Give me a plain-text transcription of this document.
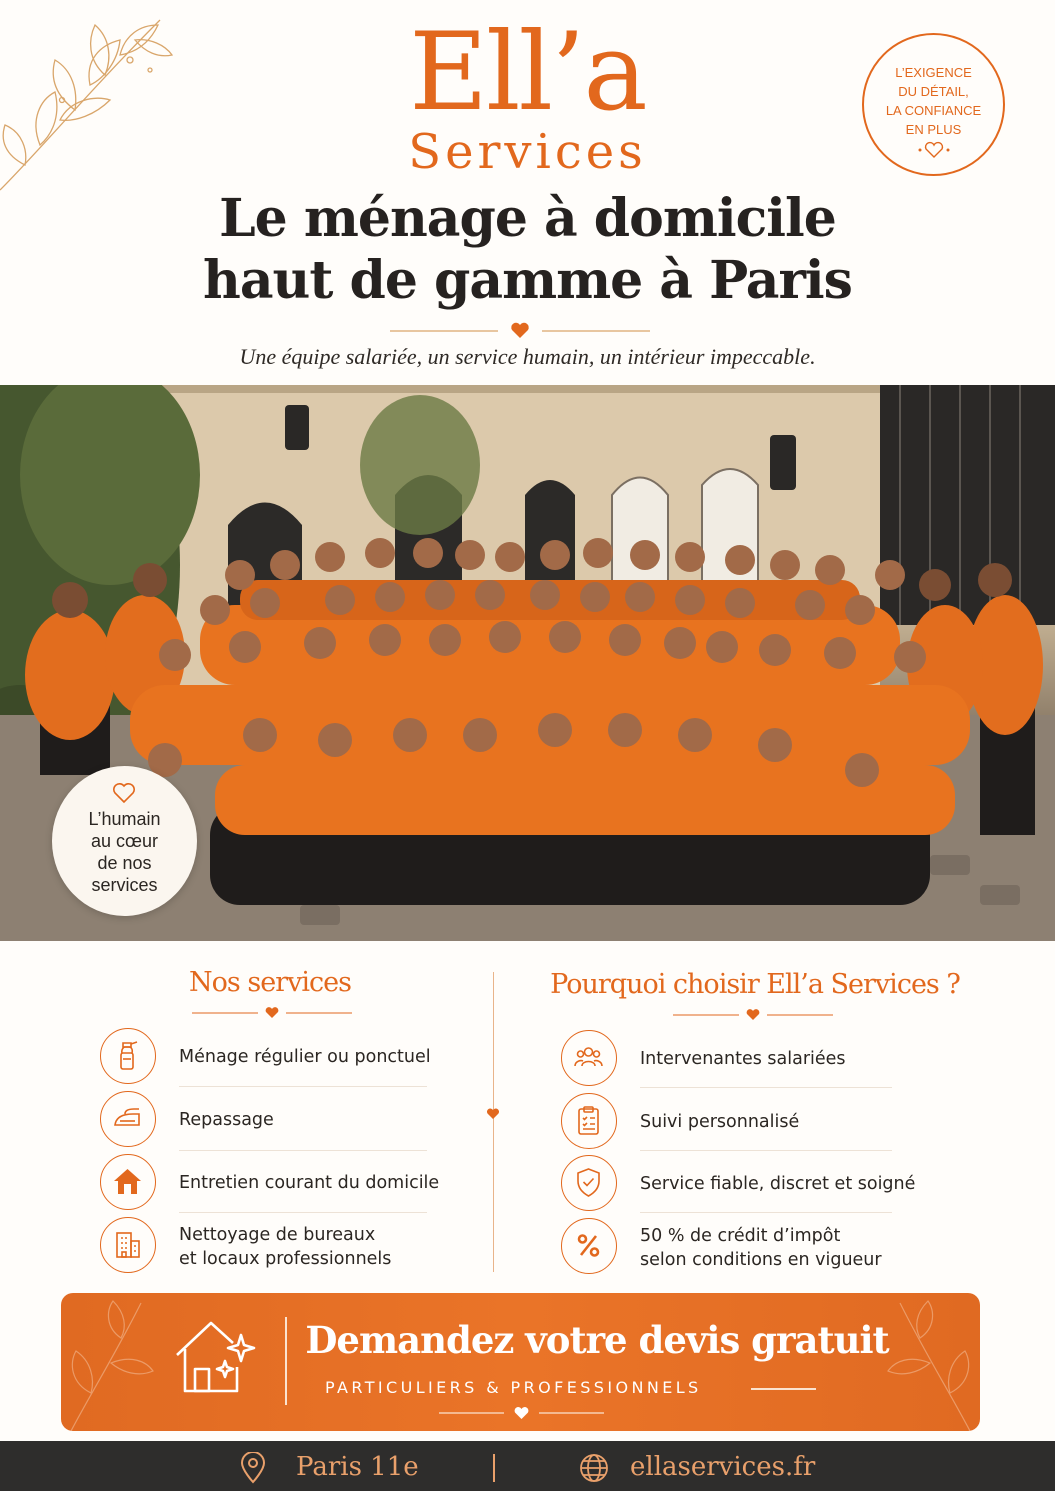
Ell’a
Services
Le ménage à domicile
haut de gamme à Paris
Une équipe salariée, un service humain, un intérieur impeccable.
L’EXIGENCE
DU DÉTAIL,
LA CONFIANCE
EN PLUS
L’humain
au cœur
de nos
services
Nos services	Pourquoi choisir Ell’a Services ?
Ménage régulier ou ponctuel
Repassage
Entretien courant du domicile
Nettoyage de bureaux
et locaux professionnels
Intervenantes salariées
Suivi personnalisé
Service fiable, discret et soigné
50 % de crédit d’impôt
selon conditions en vigueur
Demandez votre devis gratuit
PARTICULIERS & PROFESSIONNELS
Paris 11e	ellaservices.fr
